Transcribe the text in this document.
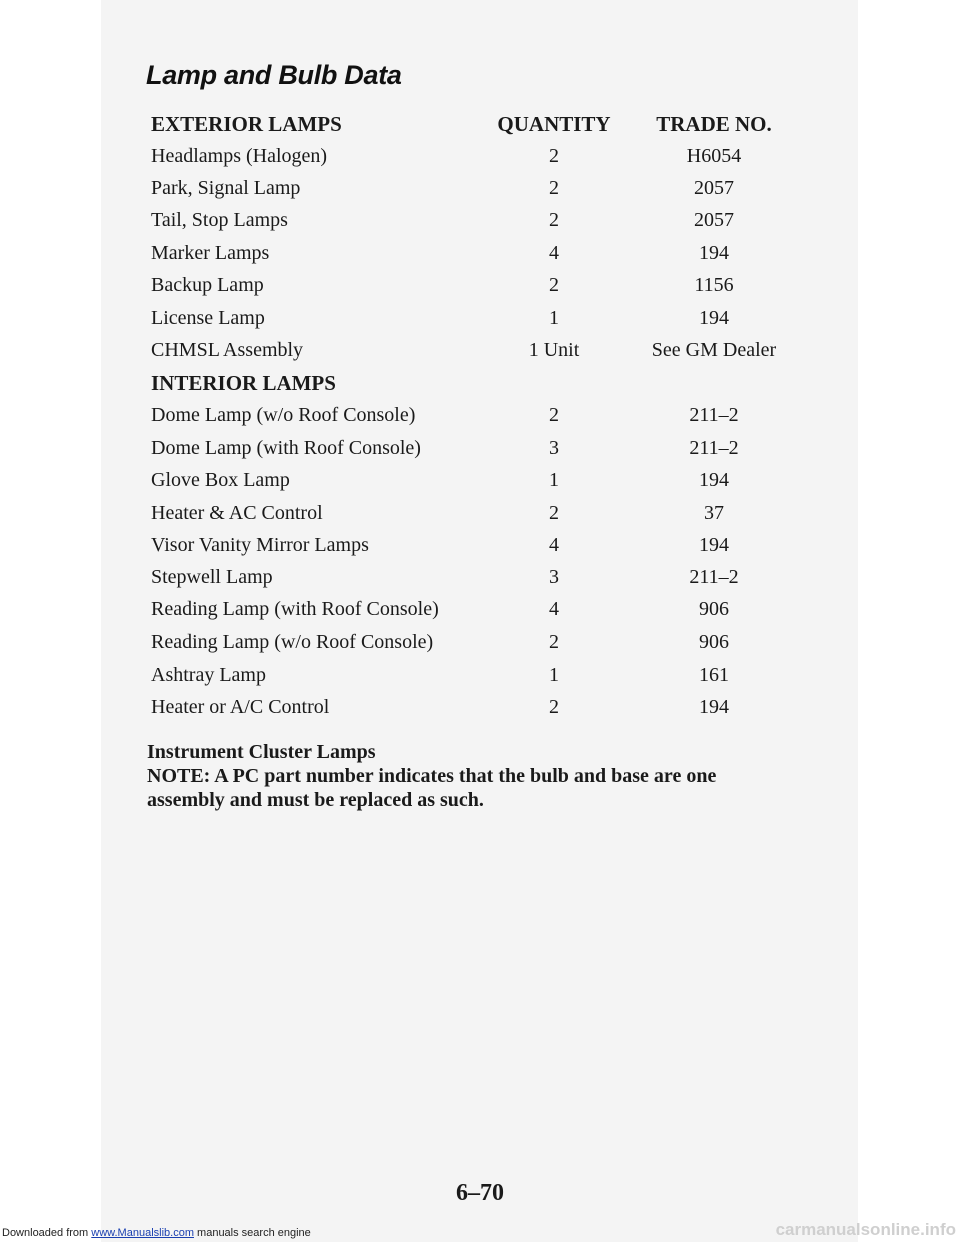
Lamp and Bulb Data
EXTERIOR LAMPS	QUANTITY	TRADE NO.
Headlamps (Halogen)	2	H6054
Park, Signal Lamp	2	2057
Tail, Stop Lamps	2	2057
Marker Lamps	4	194
Backup Lamp	2	1156
License Lamp	1	194
CHMSL Assembly	1 Unit	See GM Dealer
INTERIOR LAMPS
Dome Lamp (w/o Roof Console)	2	211–2
Dome Lamp (with Roof Console)	3	211–2
Glove Box Lamp	1	194
Heater & AC Control	2	37
Visor Vanity Mirror Lamps	4	194
Stepwell Lamp	3	211–2
Reading Lamp (with Roof Console)	4	906
Reading Lamp (w/o Roof Console)	2	906
Ashtray Lamp	1	161
Heater or A/C Control	2	194
Instrument Cluster Lamps
NOTE: A PC part number indicates that the bulb and base are one
assembly and must be replaced as such.
6–70
Downloaded from www.Manualslib.com manuals search engine	carmanualsonline.info
